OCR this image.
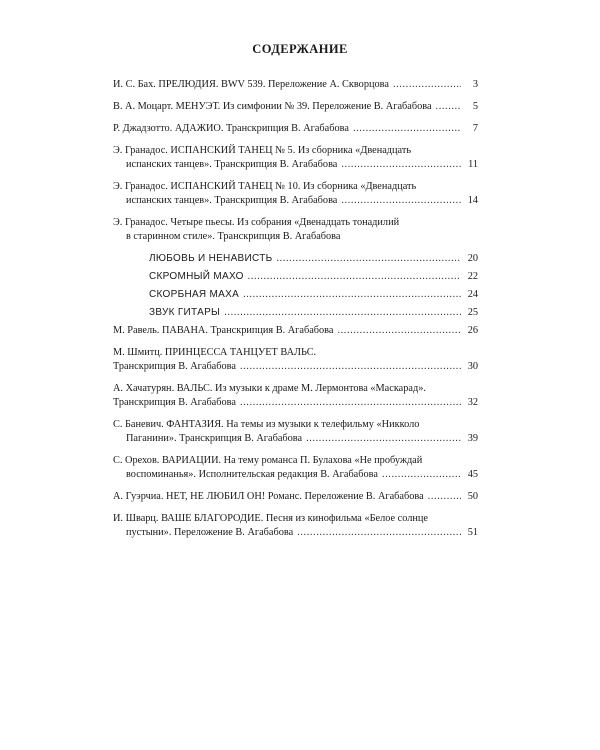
СОДЕРЖАНИЕ
И. С. Бах. ПРЕЛЮДИЯ. BWV 539. Переложение А. Скворцова .....	3
В. А. Моцарт. МЕНУЭТ. Из симфонии № 39. Переложение В. Агабабова .....	5
Р. Джадзотто. АДАЖИО. Транскрипция В. Агабабова .....	7
Э. Гранадос. ИСПАНСКИЙ ТАНЕЦ № 5. Из сборника «Двенадцать
испанских танцев». Транскрипция В. Агабабова .....	11
Э. Гранадос. ИСПАНСКИЙ ТАНЕЦ № 10. Из сборника «Двенадцать
испанских танцев». Транскрипция В. Агабабова .....	14
Э. Гранадос. Четыре пьесы. Из собрания «Двенадцать тонадилий
в старинном стиле». Транскрипция В. Агабабова
ЛЮБОВЬ И НЕНАВИСТЬ .....	20
СКРОМНЫЙ МАХО .....	22
СКОРБНАЯ МАХА .....	24
ЗВУК ГИТАРЫ .....	25
М. Равель. ПАВАНА. Транскрипция В. Агабабова .....	26
М. Шмитц. ПРИНЦЕССА ТАНЦУЕТ ВАЛЬС.
Транскрипция В. Агабабова .....	30
А. Хачатурян. ВАЛЬС. Из музыки к драме М. Лермонтова «Маскарад».
Транскрипция В. Агабабова .....	32
С. Баневич. ФАНТАЗИЯ. На темы из музыки к телефильму «Никколо
Паганини». Транскрипция В. Агабабова .....	39
С. Орехов. ВАРИАЦИИ. На тему романса П. Булахова «Не пробуждай
воспоминанья». Исполнительская редакция В. Агабабова .....	45
А. Гуэрчиа. НЕТ, НЕ ЛЮБИЛ ОН! Романс. Переложение В. Агабабова .....	50
И. Шварц. ВАШЕ БЛАГОРОДИЕ. Песня из кинофильма «Белое солнце
пустыни». Переложение В. Агабабова .....	51
